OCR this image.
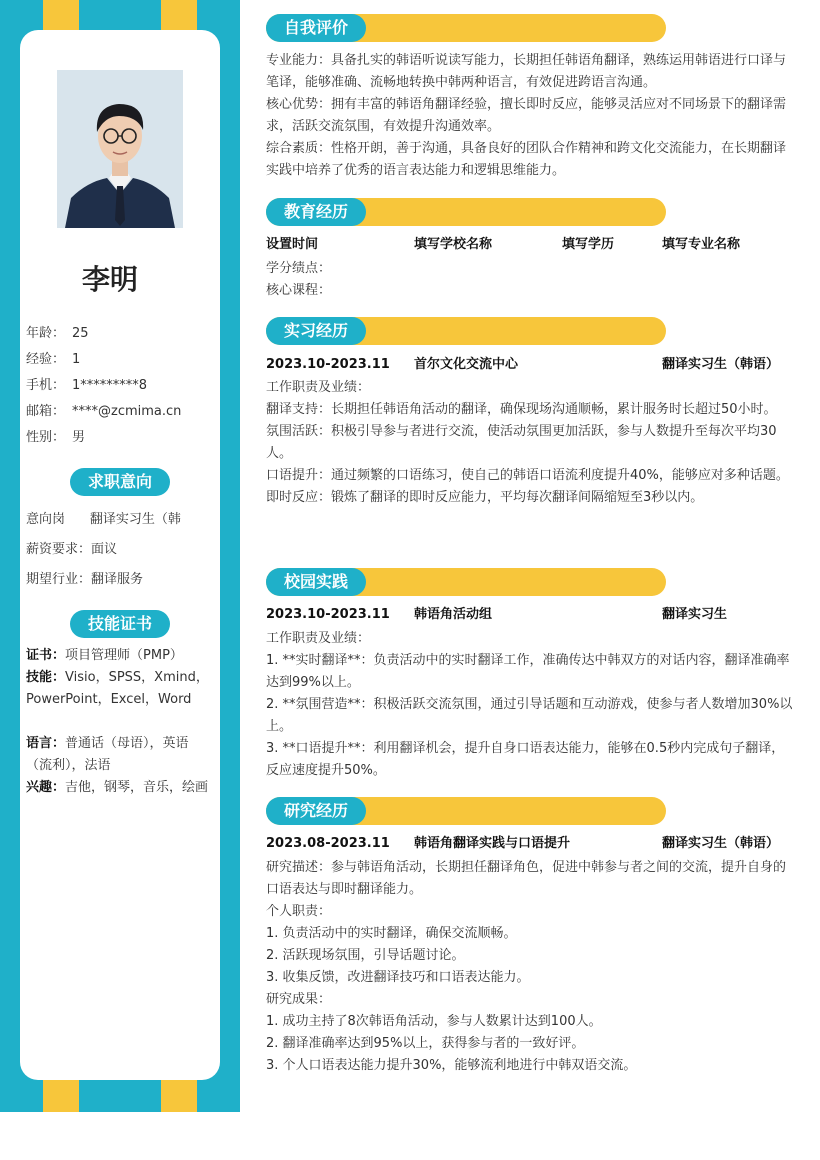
李明
年龄： 25
经验： 1
手机： 1*********8
邮箱： ****@zcmima.cn
性别： 男
求职意向
意向岗 翻译实习生（韩
薪资要求：面议
期望行业：翻译服务
技能证书
证书：项目管理师（PMP）
技能：Visio，SPSS，Xmind，PowerPoint，Excel，Word
语言：普通话（母语），英语（流利），法语
兴趣：吉他，钢琴，音乐，绘画
自我评价

专业能力：具备扎实的韩语听说读写能力，长期担任韩语角翻译，熟练运用韩语进行口译与笔译，能够准确、流畅地转换中韩两种语言，有效促进跨语言沟通。

核心优势：拥有丰富的韩语角翻译经验，擅长即时反应，能够灵活应对不同场景下的翻译需求，活跃交流氛围，有效提升沟通效率。

综合素质：性格开朗，善于沟通，具备良好的团队合作精神和跨文化交流能力，在长期翻译实践中培养了优秀的语言表达能力和逻辑思维能力。

教育经历
设置时间	填写学校名称	填写学历	填写专业名称

学分绩点：

核心课程：

实习经历
2023.10-2023.11 首尔文化交流中心	翻译实习生（韩语）

工作职责及业绩：

翻译支持：长期担任韩语角活动的翻译，确保现场沟通顺畅，累计服务时长超过50小时。

氛围活跃：积极引导参与者进行交流，使活动氛围更加活跃，参与人数提升至每次平均30人。

口语提升：通过频繁的口语练习，使自己的韩语口语流利度提升40%，能够应对多种话题。

即时反应：锻炼了翻译的即时反应能力，平均每次翻译间隔缩短至3秒以内。

校园实践
2023.10-2023.11 韩语角活动组	翻译实习生

工作职责及业绩：

1. **实时翻译**：负责活动中的实时翻译工作，准确传达中韩双方的对话内容，翻译准确率达到99%以上。

2. **氛围营造**：积极活跃交流氛围，通过引导话题和互动游戏，使参与者人数增加30%以上。

3. **口语提升**：利用翻译机会，提升自身口语表达能力，能够在0.5秒内完成句子翻译，反应速度提升50%。

研究经历
2023.08-2023.11 韩语角翻译实践与口语提升	翻译实习生（韩语）

研究描述：参与韩语角活动，长期担任翻译角色，促进中韩参与者之间的交流，提升自身的口语表达与即时翻译能力。

个人职责：

1. 负责活动中的实时翻译，确保交流顺畅。

2. 活跃现场氛围，引导话题讨论。

3. 收集反馈，改进翻译技巧和口语表达能力。

研究成果：

1. 成功主持了8次韩语角活动，参与人数累计达到100人。

2. 翻译准确率达到95%以上，获得参与者的一致好评。

3. 个人口语表达能力提升30%，能够流利地进行中韩双语交流。
